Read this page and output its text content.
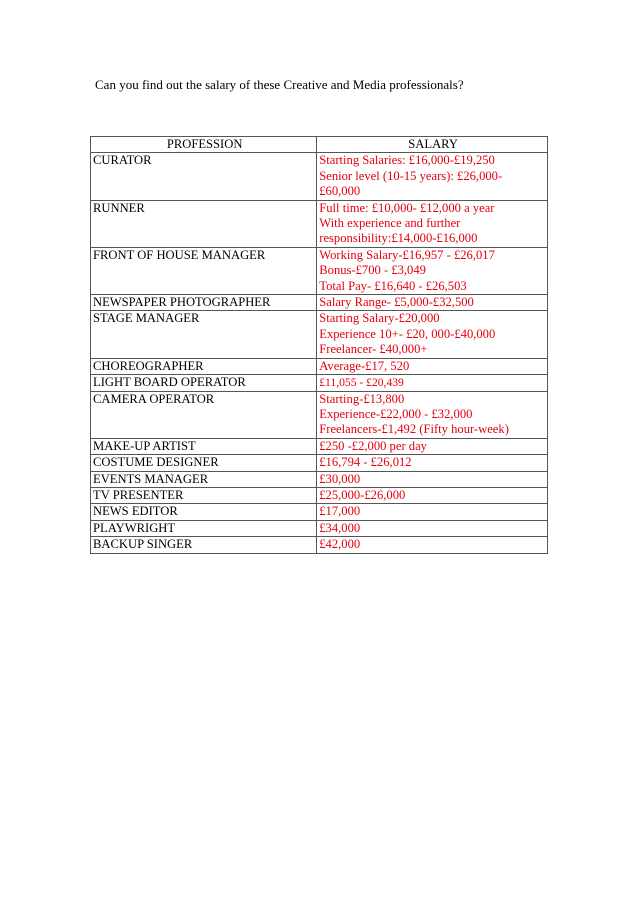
Can you find out the salary of these Creative and Media professionals?

PROFESSION	SALARY
CURATOR	Starting Salaries: £16,000-£19,250
Senior level (10-15 years): £26,000-
£60,000

RUNNER	Full time: £10,000- £12,000 a year
With experience and further
responsibility:£14,000-£16,000

FRONT OF HOUSE MANAGER	Working Salary-£16,957 - £26,017
Bonus-£700 - £3,049
Total Pay- £16,640 - £26,503

NEWSPAPER PHOTOGRAPHER	Salary Range- £5,000-£32,500

STAGE MANAGER	Starting Salary-£20,000
Experience 10+- £20, 000-£40,000
Freelancer- £40,000+

CHOREOGRAPHER	Average-£17, 520

LIGHT BOARD OPERATOR	£11,055 - £20,439

CAMERA OPERATOR	Starting-£13,800
Experience-£22,000 - £32,000
Freelancers-£1,492 (Fifty hour-week)

MAKE-UP ARTIST	£250 -£2,000 per day

COSTUME DESIGNER	£16,794 - £26,012

EVENTS MANAGER	£30,000

TV PRESENTER	£25,000-£26,000

NEWS EDITOR	£17,000

PLAYWRIGHT	£34,000

BACKUP SINGER	£42,000
